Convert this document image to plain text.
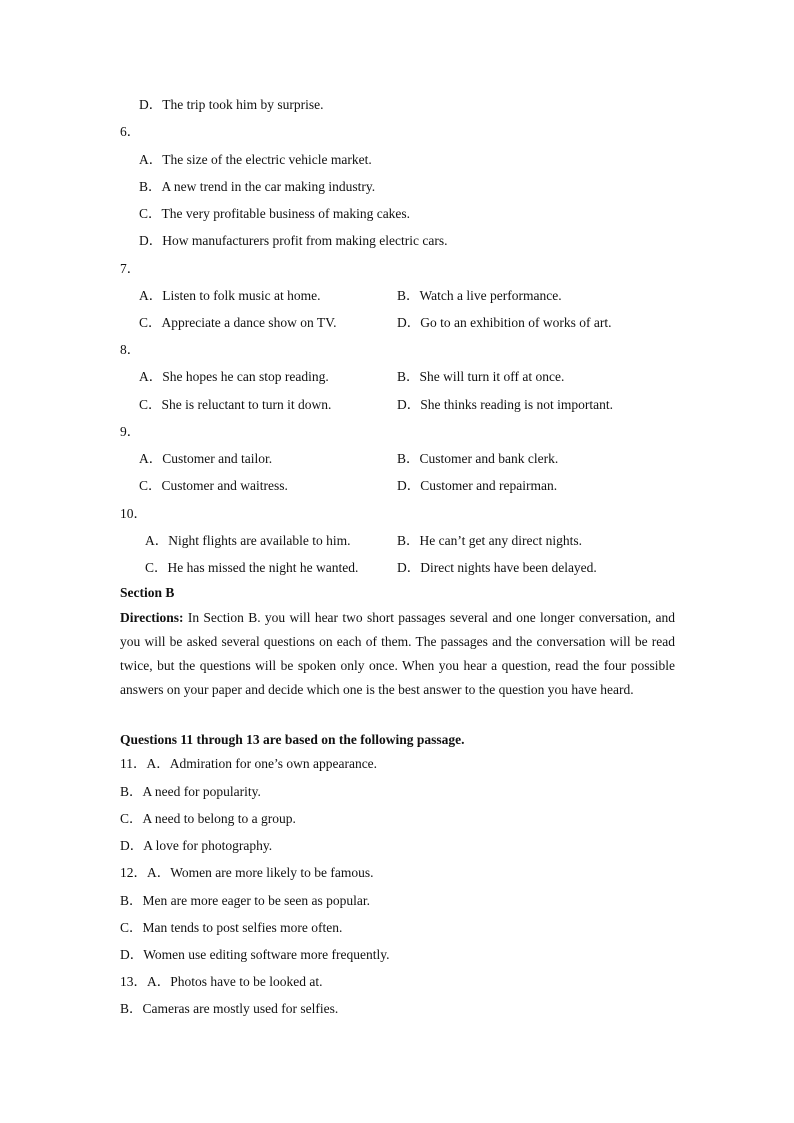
D．The trip took him by surprise.
6．
A．The size of the electric vehicle market.
B．A new trend in the car making industry.
C．The very profitable business of making cakes.
D．How manufacturers profit from making electric cars.
7．
A．Listen to folk music at home.	B．Watch a live performance.
C．Appreciate a dance show on TV.	D．Go to an exhibition of works of art.
8．
A．She hopes he can stop reading.	B．She will turn it off at once.
C．She is reluctant to turn it down.	D．She thinks reading is not important.
9．
A．Customer and tailor.	B．Customer and bank clerk.
C．Customer and waitress.	D．Customer and repairman.
10．
A．Night flights are available to him.	B．He can’t get any direct nights.
C．He has missed the night he wanted.	D．Direct nights have been delayed.
Section B
Directions: In Section B. you will hear two short passages several and one longer conversation, and you will be asked several questions on each of them. The passages and the conversation will be read twice, but the questions will be spoken only once. When you hear a question, read the four possible answers on your paper and decide which one is the best answer to the question you have heard.
Questions 11 through 13 are based on the following passage.
11．A．Admiration for one’s own appearance.
B．A need for popularity.
C．A need to belong to a group.
D．A love for photography.
12．A．Women are more likely to be famous.
B．Men are more eager to be seen as popular.
C．Man tends to post selfies more often.
D．Women use editing software more frequently.
13．A．Photos have to be looked at.
B．Cameras are mostly used for selfies.
